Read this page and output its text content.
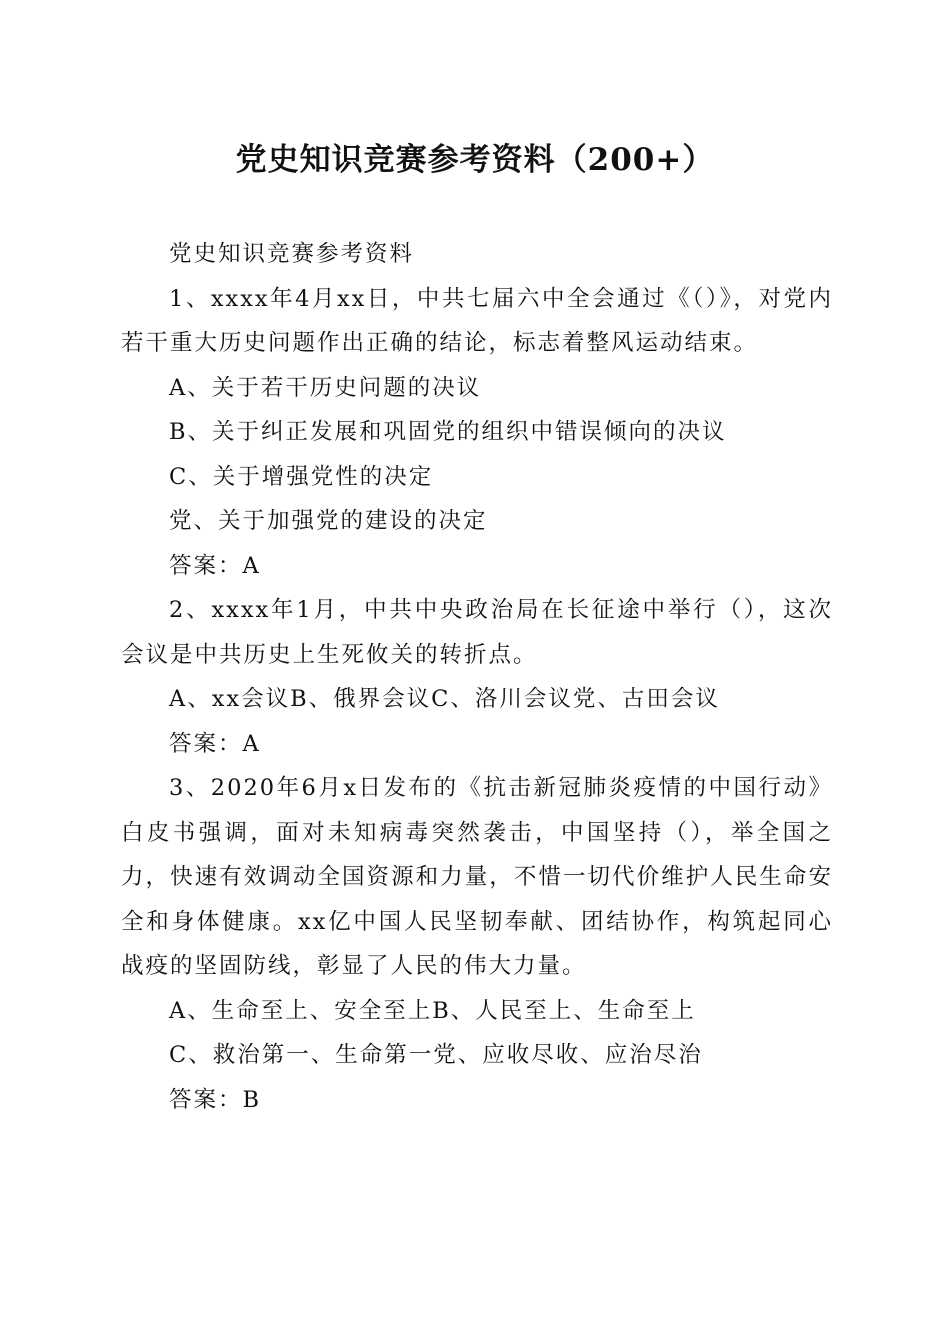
党史知识竞赛参考资料（200+）

党史知识竞赛参考资料

1、xxxx年4月xx日，中共七届六中全会通过《（）》，对党内若干重大历史问题作出正确的结论，标志着整风运动结束。

A、关于若干历史问题的决议

B、关于纠正发展和巩固党的组织中错误倾向的决议

C、关于增强党性的决定

党、关于加强党的建设的决定

答案：A

2、xxxx年1月，中共中央政治局在长征途中举行（），这次会议是中共历史上生死攸关的转折点。

A、xx会议B、俄界会议C、洛川会议党、古田会议

答案：A

3、2020年6月x日发布的《抗击新冠肺炎疫情的中国行动》白皮书强调，面对未知病毒突然袭击，中国坚持（），举全国之力，快速有效调动全国资源和力量，不惜一切代价维护人民生命安全和身体健康。xx亿中国人民坚韧奉献、团结协作，构筑起同心战疫的坚固防线，彰显了人民的伟大力量。

A、生命至上、安全至上B、人民至上、生命至上

C、救治第一、生命第一党、应收尽收、应治尽治

答案：B
